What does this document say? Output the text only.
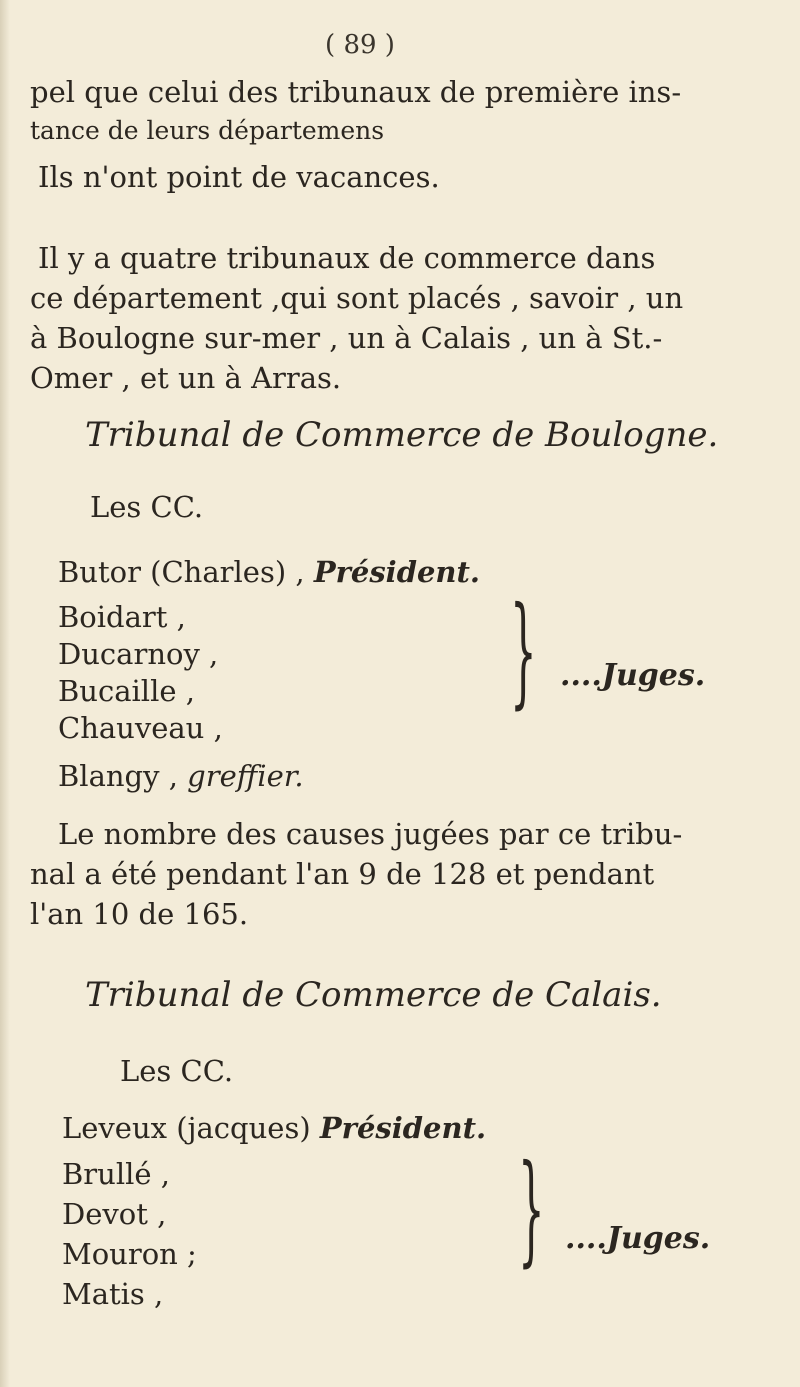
( 89 )
pel que celui des tribunaux de première ins-
tance de leurs départemens
Ils n'ont point de vacances.
Il y a quatre tribunaux de commerce dans
ce département ,qui sont placés , savoir , un
à Boulogne sur-mer , un à Calais , un à St.-
Omer , et un à Arras.
Tribunal de Commerce de Boulogne.
Les CC.
Butor (Charles) , Président.
Boidart ,
Ducarnoy ,
Bucaille ,
Chauveau ,
} ....Juges.
Blangy , greffier.
Le nombre des causes jugées par ce tribu-
nal a été pendant l'an 9 de 128 et pendant
l'an 10 de 165.
Tribunal de Commerce de Calais.
Les CC.
Leveux (jacques) Président.
Brullé ,
Devot ,
Mouron ;
Matis ,
} ....Juges.
